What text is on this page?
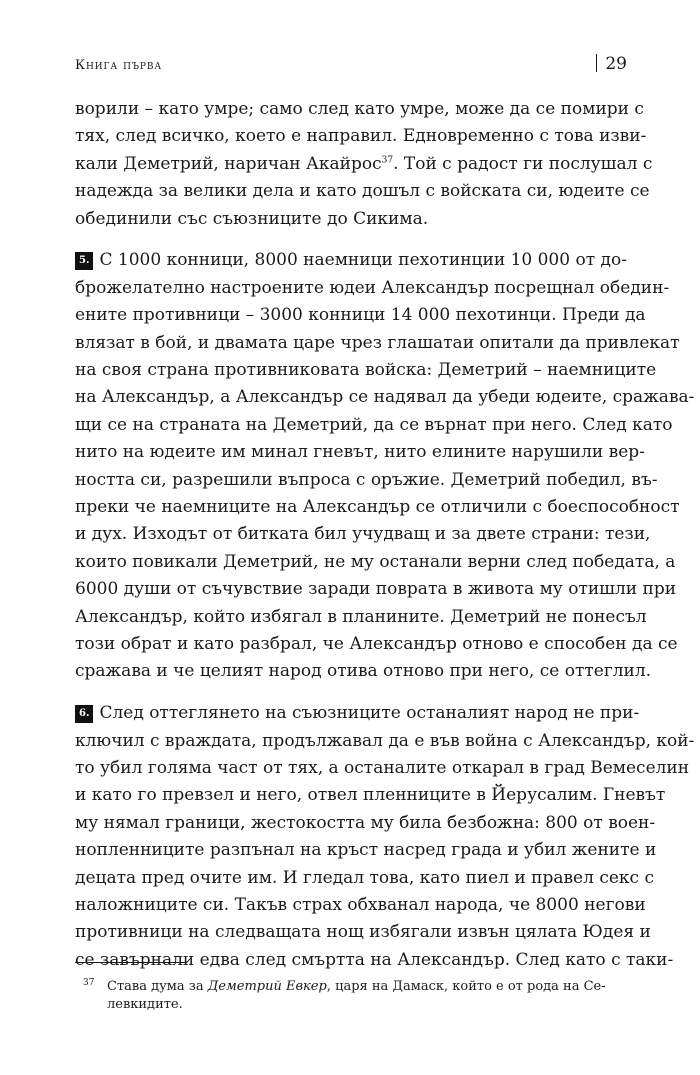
Книга първа	29
ворили – като умре; само след като умре, може да се помири с
тях, след всичко, което е направил. Едновременно с това изви-
кали Деметрий, наричан Акайрос$^{37}$. Той с радост ги послушал с
надежда за велики дела и като дошъл с войската си, юдеите се
обединили със съюзниците до Сикима.
5. С 1000 конници, 8000 наемници пехотинции 10 000 от до-
брожелателно настроените юдеи Александър посрещнал обедин-
ените противници – 3000 конници 14 000 пехотинци. Преди да
влязат в бой, и двамата царе чрез глашатаи опитали да привлекат
на своя страна противниковата войска: Деметрий – наемниците
на Александър, а Александър се надявал да убеди юдеите, сражава-
щи се на страната на Деметрий, да се върнат при него. След като
нито на юдеите им минал гневът, нито елините нарушили вер-
ността си, разрешили въпроса с оръжие. Деметрий победил, въ-
преки че наемниците на Александър се отличили с боеспособност
и дух. Изходът от битката бил учудващ и за двете страни: тези,
които повикали Деметрий, не му останали верни след победата, а
6000 души от съчувствие заради поврата в живота му отишли при
Александър, който избягал в планините. Деметрий не понесъл
този обрат и като разбрал, че Александър отново е способен да се
сражава и че целият народ отива отново при него, се оттеглил.
6. След оттеглянето на съюзниците останалият народ не при-
ключил с враждата, продължавал да е във война с Александър, кой-
то убил голяма част от тях, а останалите откарал в град Вемеселин
и като го превзел и него, отвел пленниците в Йерусалим. Гневът
му нямал граници, жестокостта му била безбожна: 800 от воен-
нопленниците разпънал на кръст насред града и убил жените и
децата пред очите им. И гледал това, като пиел и правел секс с
наложниците си. Такъв страх обхванал народа, че 8000 негови
противници на следващата нощ избягали извън цялата Юдея и
се завърнали едва след смъртта на Александър. След като с таки-
37 Става дума за Деметрий Евкер, царя на Дамаск, който е от рода на Се-
левкидите.
